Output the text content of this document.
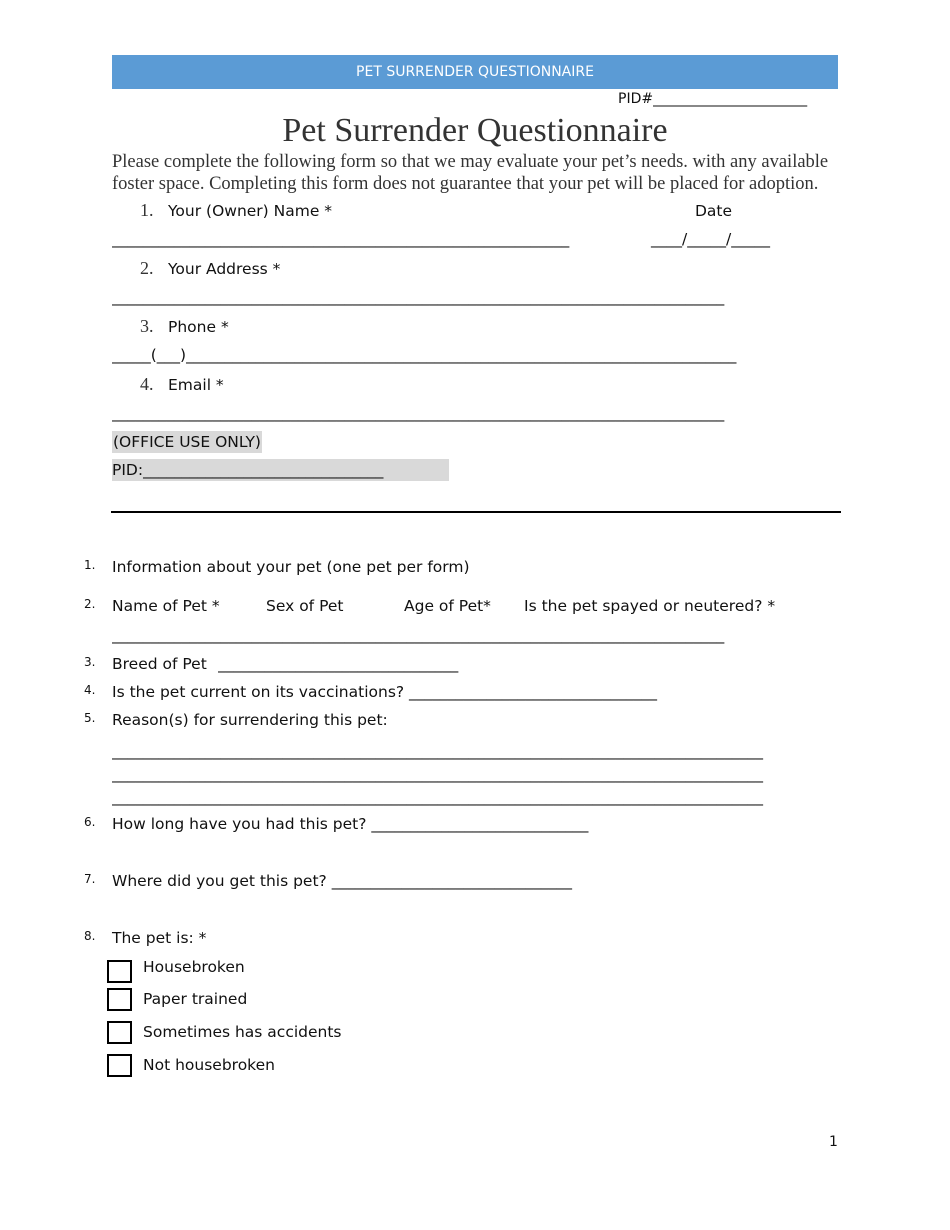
PET SURRENDER QUESTIONNAIRE
PID#______________________
Pet Surrender Questionnaire
Please complete the following form so that we may evaluate your pet’s needs. with any available foster space. Completing this form does not guarantee that your pet will be placed for adoption.
1. Your (Owner) Name *	Date
___________________________________________________________	____/_____/_____
2. Your Address *
_______________________________________________________________________________
3. Phone *
_____(___)_______________________________________________________________________
4. Email *
_______________________________________________________________________________
(OFFICE USE ONLY)
PID:_______________________________
1. Information about your pet (one pet per form)
2. Name of Pet *	Sex of Pet	Age of Pet* Is the pet spayed or neutered? *
_______________________________________________________________________________
3. Breed of Pet _______________________________
4. Is the pet current on its vaccinations? ________________________________
5. Reason(s) for surrendering this pet:
____________________________________________________________________________________
____________________________________________________________________________________
____________________________________________________________________________________
6. How long have you had this pet? ____________________________
7. Where did you get this pet? _______________________________
8. The pet is: *
Housebroken
Paper trained
Sometimes has accidents
Not housebroken
1
